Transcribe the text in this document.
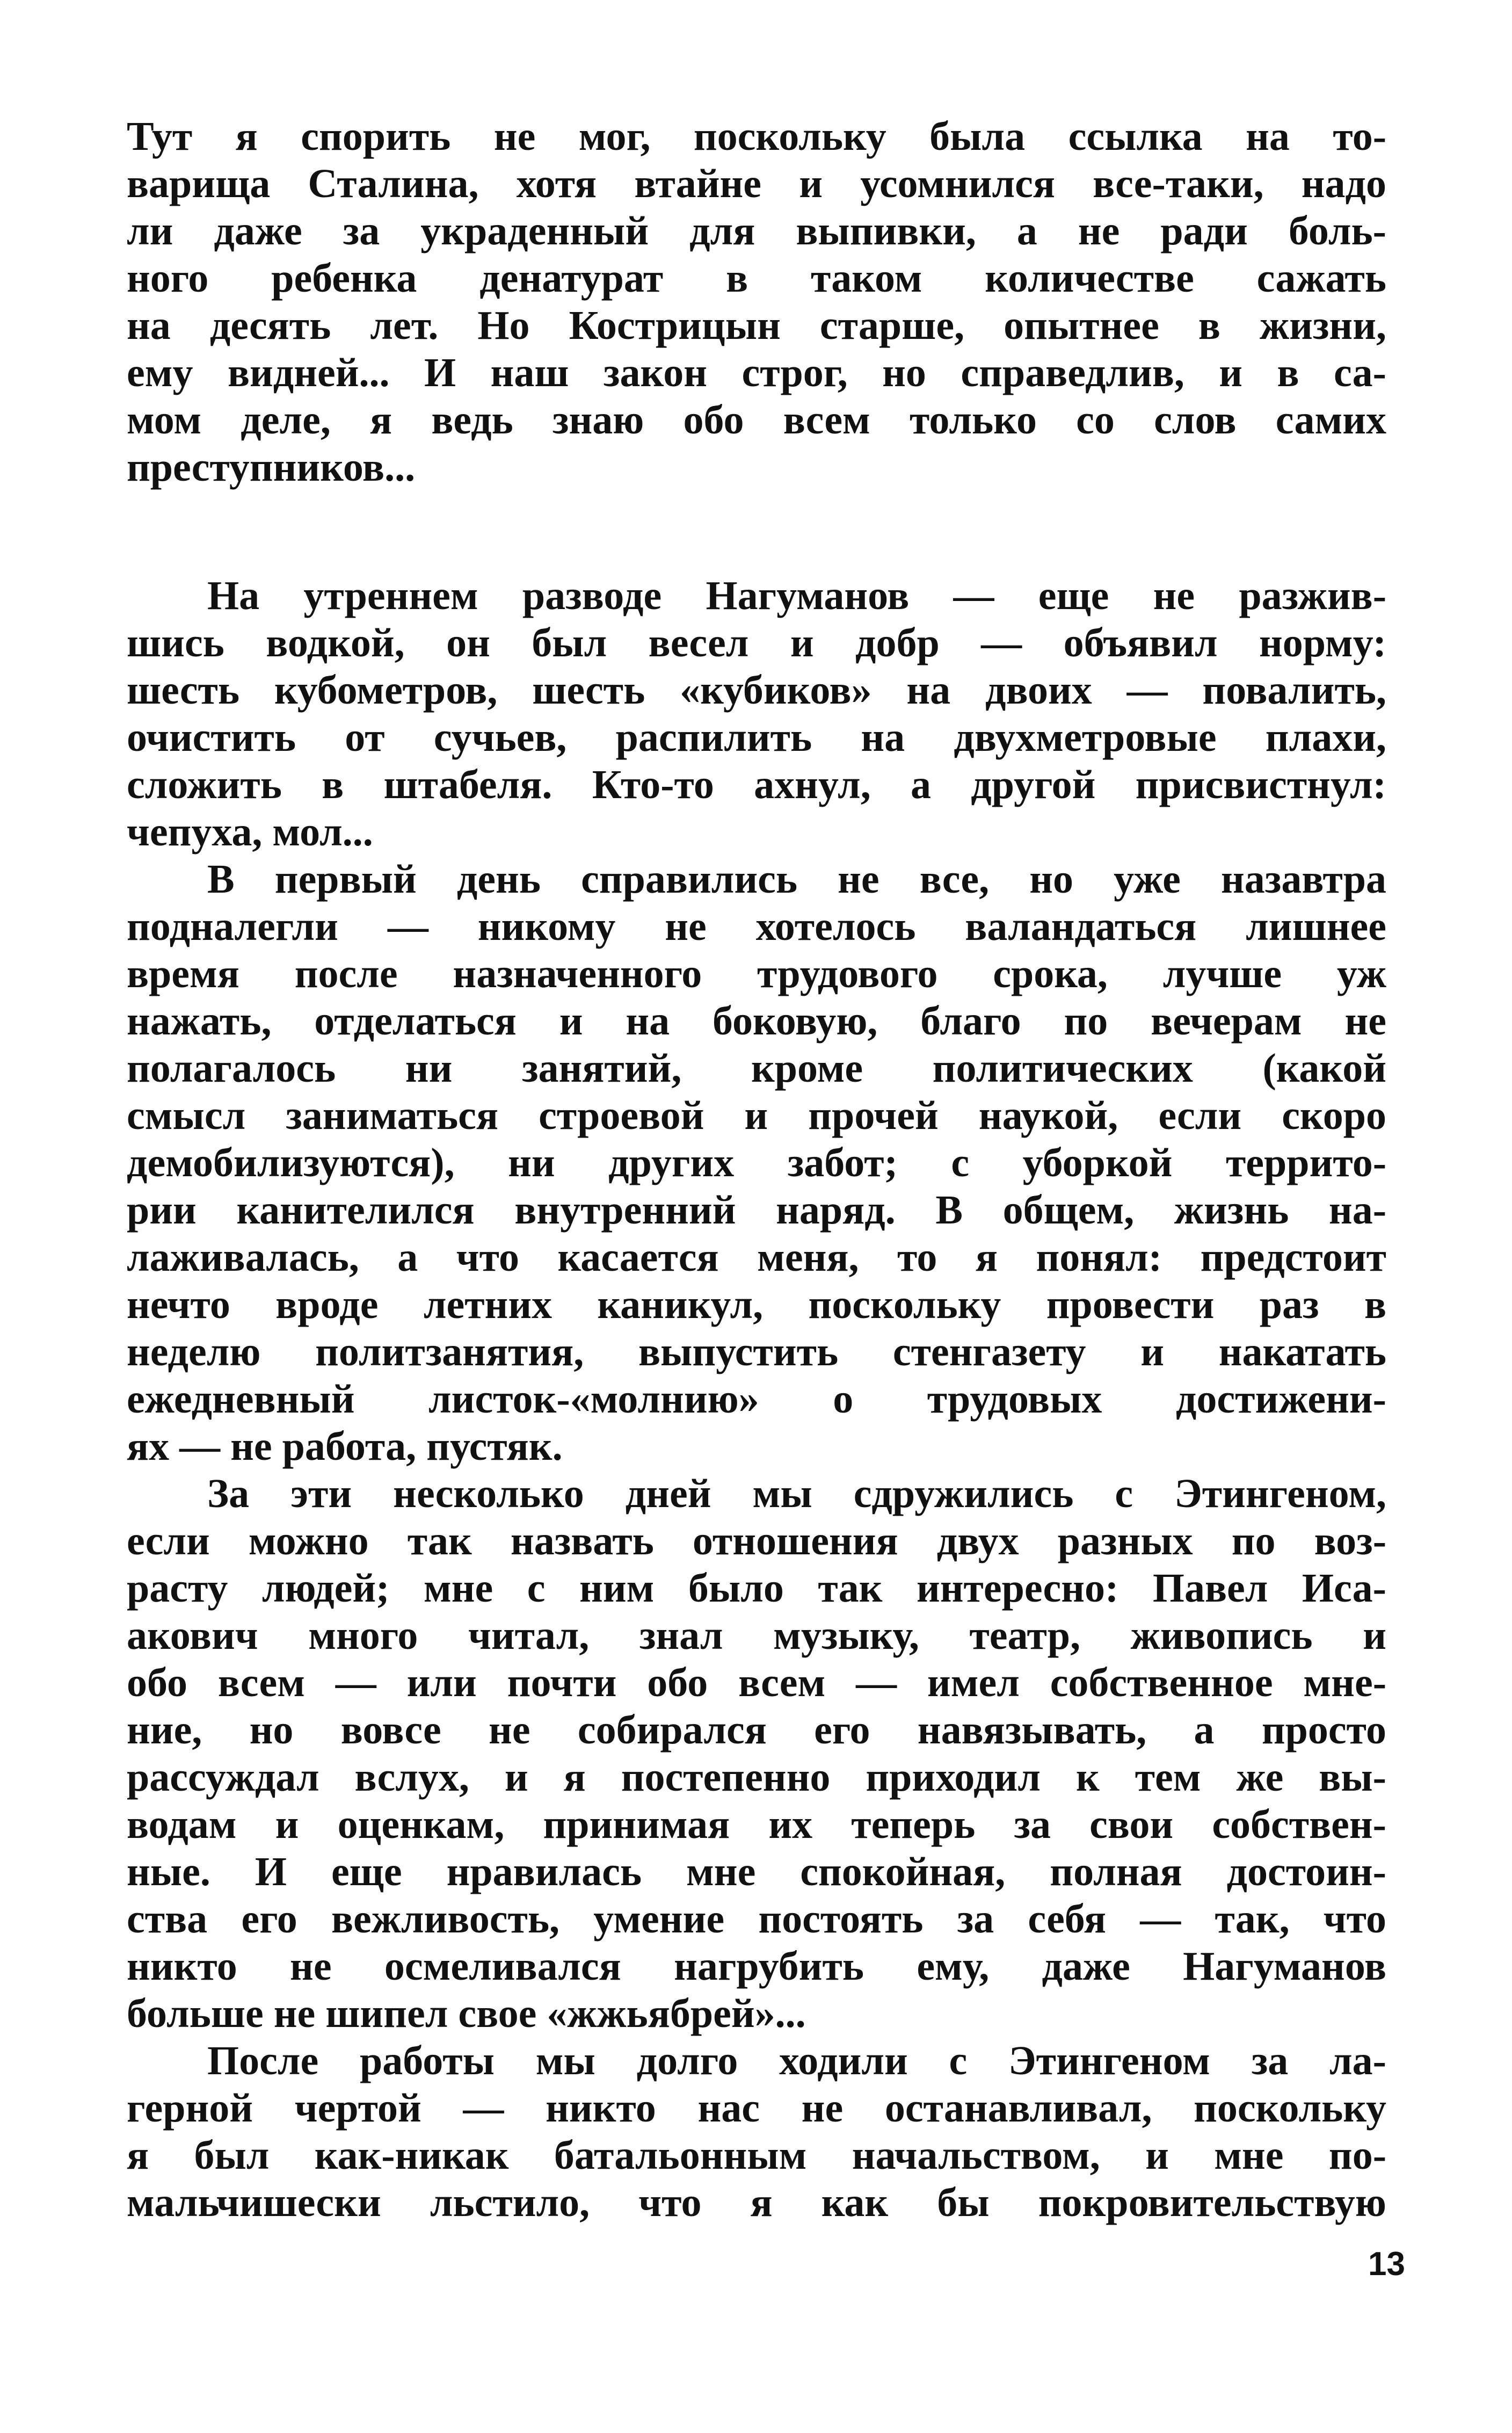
Тут я спорить не мог, поскольку была ссылка на то-
варища Сталина, хотя втайне и усомнился все-таки, надо
ли даже за украденный для выпивки, а не ради боль-
ного ребенка денатурат в таком количестве сажать
на десять лет. Но Кострицын старше, опытнее в жизни,
ему видней... И наш закон строг, но справедлив, и в са-
мом деле, я ведь знаю обо всем только со слов самих
преступников...
На утреннем разводе Нагуманов — еще не разжив-
шись водкой, он был весел и добр — объявил норму:
шесть кубометров, шесть «кубиков» на двоих — повалить,
очистить от сучьев, распилить на двухметровые плахи,
сложить в штабеля. Кто-то ахнул, а другой присвистнул:
чепуха, мол...
В первый день справились не все, но уже назавтра
подналегли — никому не хотелось валандаться лишнее
время после назначенного трудового срока, лучше уж
нажать, отделаться и на боковую, благо по вечерам не
полагалось ни занятий, кроме политических (какой
смысл заниматься строевой и прочей наукой, если скоро
демобилизуются), ни других забот; с уборкой террито-
рии канителился внутренний наряд. В общем, жизнь на-
лаживалась, а что касается меня, то я понял: предстоит
нечто вроде летних каникул, поскольку провести раз в
неделю политзанятия, выпустить стенгазету и накатать
ежедневный листок-«молнию» о трудовых достижени-
ях — не работа, пустяк.
За эти несколько дней мы сдружились с Этингеном,
если можно так назвать отношения двух разных по воз-
расту людей; мне с ним было так интересно: Павел Иса-
акович много читал, знал музыку, театр, живопись и
обо всем — или почти обо всем — имел собственное мне-
ние, но вовсе не собирался его навязывать, а просто
рассуждал вслух, и я постепенно приходил к тем же вы-
водам и оценкам, принимая их теперь за свои собствен-
ные. И еще нравилась мне спокойная, полная достоин-
ства его вежливость, умение постоять за себя — так, что
никто не осмеливался нагрубить ему, даже Нагуманов
больше не шипел свое «жжьябрей»...
После работы мы долго ходили с Этингеном за ла-
герной чертой — никто нас не останавливал, поскольку
я был как-никак батальонным начальством, и мне по-
мальчишески льстило, что я как бы покровительствую
13
